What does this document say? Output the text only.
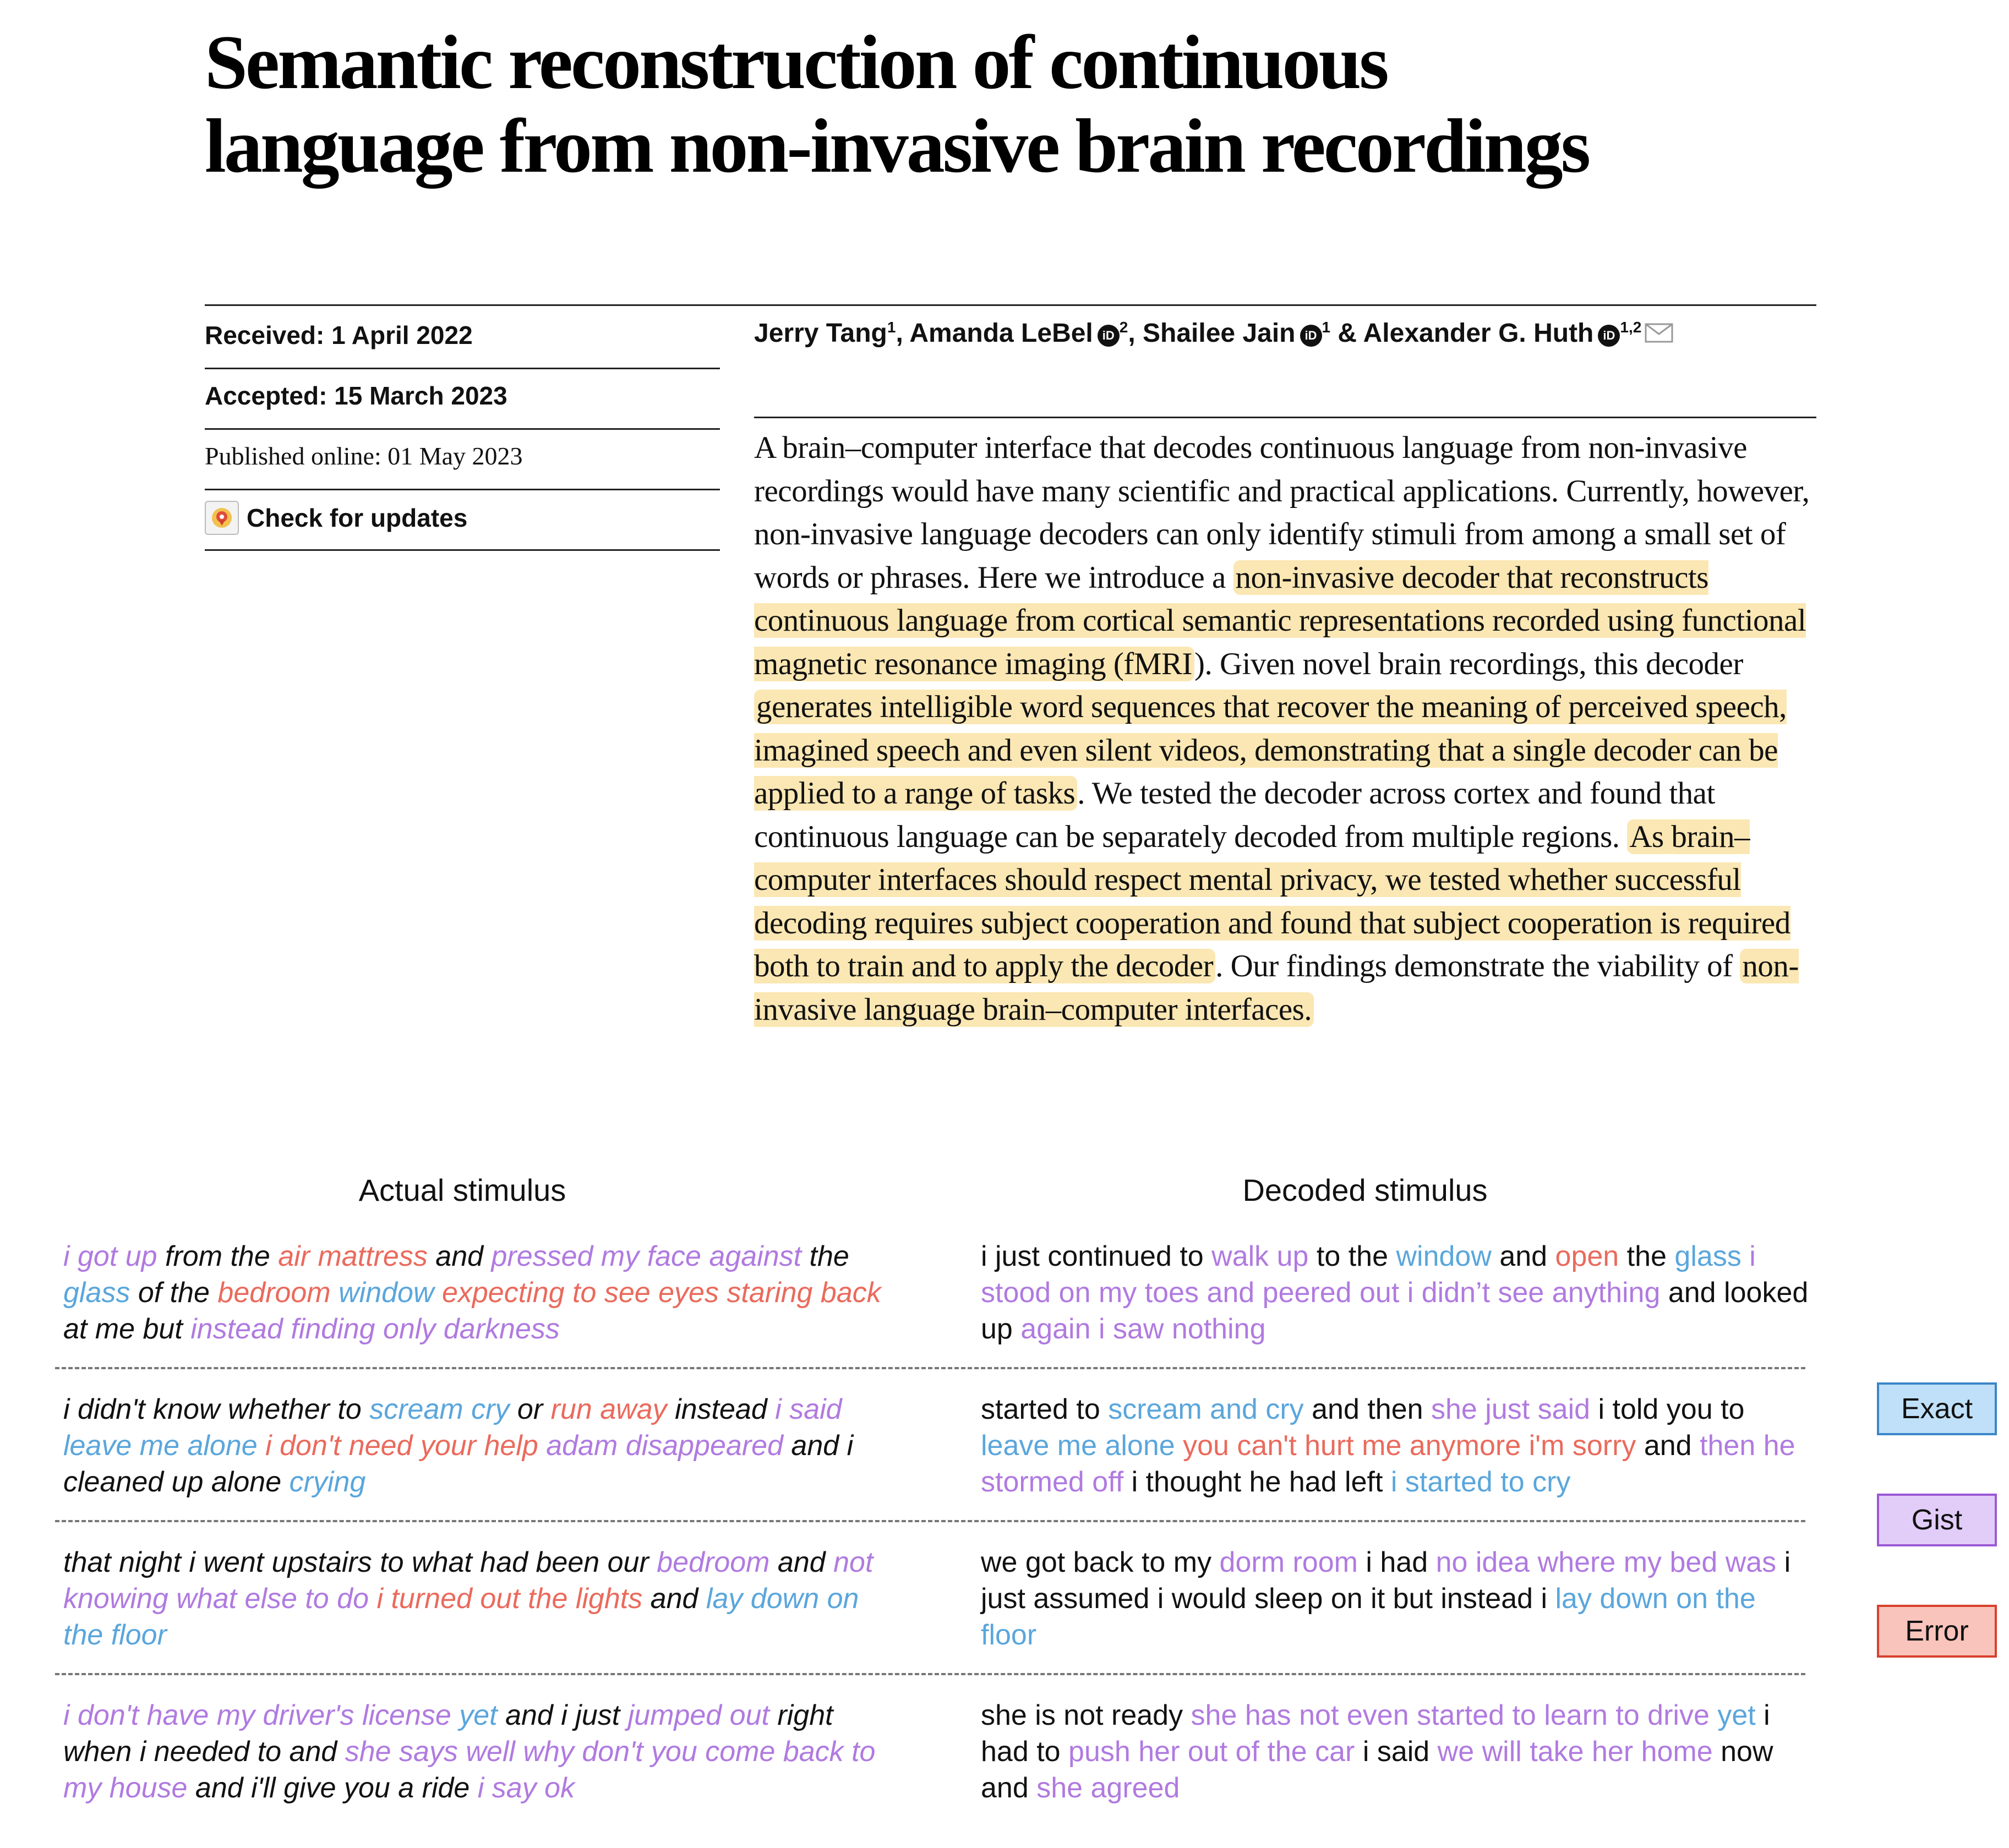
Semantic reconstruction of continuous
language from non-invasive brain recordings
Received: 1 April 2022
Accepted: 15 March 2023
Published online: 01 May 2023
Check for updates
Jerry Tang$^1$, Amanda LeBel iD $^2$, Shailee Jain iD $^1$ & Alexander G. Huth iD $^{1,2}$
A brain–computer interface that decodes continuous language from non-invasive recordings would have many scientific and practical applications. Currently, however, non-invasive language decoders can only identify stimuli from among a small set of words or phrases. Here we introduce a non-invasive decoder that reconstructs continuous language from cortical semantic representations recorded using functional magnetic resonance imaging (fMRI). Given novel brain recordings, this decoder generates intelligible word sequences that recover the meaning of perceived speech, imagined speech and even silent videos, demonstrating that a single decoder can be applied to a range of tasks. We tested the decoder across cortex and found that continuous language can be separately decoded from multiple regions. As brain–computer interfaces should respect mental privacy, we tested whether successful decoding requires subject cooperation and found that subject cooperation is required both to train and to apply the decoder. Our findings demonstrate the viability of non-invasive language brain–computer interfaces.
Actual stimulus	Decoded stimulus
i got up from the air mattress and pressed my face against the glass of the bedroom window expecting to see eyes staring back at me but instead finding only darkness
i just continued to walk up to the window and open the glass i stood on my toes and peered out i didn’t see anything and looked up again i saw nothing
i didn't know whether to scream cry or run away instead i said leave me alone i don't need your help adam disappeared and i cleaned up alone crying
started to scream and cry and then she just said i told you to leave me alone you can't hurt me anymore i'm sorry and then he stormed off i thought he had left i started to cry
that night i went upstairs to what had been our bedroom and not knowing what else to do i turned out the lights and lay down on the floor
we got back to my dorm room i had no idea where my bed was i just assumed i would sleep on it but instead i lay down on the floor
i don't have my driver's license yet and i just jumped out right when i needed to and she says well why don't you come back to my house and i'll give you a ride i say ok
she is not ready she has not even started to learn to drive yet i had to push her out of the car i said we will take her home now and she agreed
Exact
Gist
Error
